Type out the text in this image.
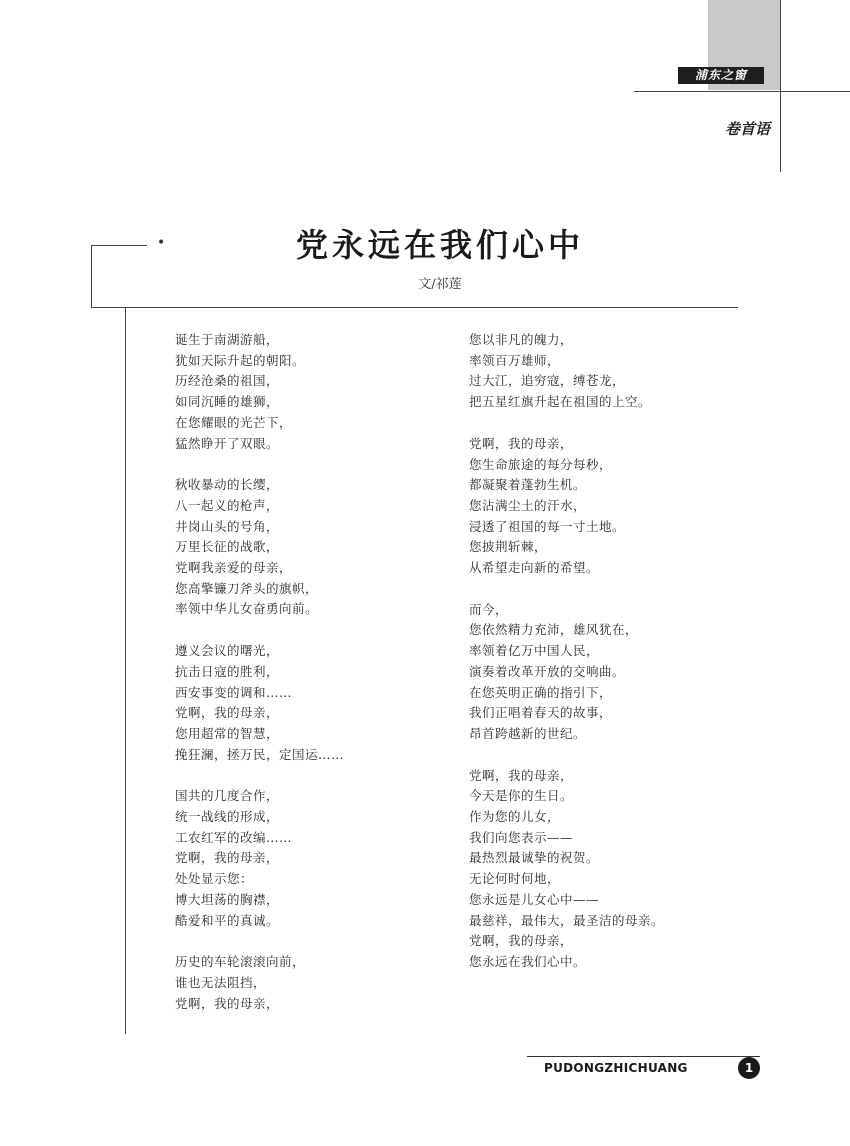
浦东之窗
卷首语
•	党永远在我们心中
文/祁莲
诞生于南湖游船，
犹如天际升起的朝阳。
历经沧桑的祖国，
如同沉睡的雄狮，
在您耀眼的光芒下，
猛然睁开了双眼。
秋收暴动的长缨，
八一起义的枪声，
井岗山头的号角，
万里长征的战歌，
党啊我亲爱的母亲，
您高擎镰刀斧头的旗帜，
率领中华儿女奋勇向前。
遵义会议的曙光，
抗击日寇的胜利，
西安事变的调和……
党啊，我的母亲，
您用超常的智慧，
挽狂澜，拯万民，定国运……
国共的几度合作，
统一战线的形成，
工农红军的改编……
党啊，我的母亲，
处处显示您：
博大坦荡的胸襟，
酷爱和平的真诚。
历史的车轮滚滚向前，
谁也无法阻挡，
党啊，我的母亲，
您以非凡的魄力，
率领百万雄师，
过大江，追穷寇，缚苍龙，
把五星红旗升起在祖国的上空。
党啊，我的母亲，
您生命旅途的每分每秒，
都凝聚着蓬勃生机。
您沾满尘土的汗水，
浸透了祖国的每一寸土地。
您披荆斩棘，
从希望走向新的希望。
而今，
您依然精力充沛，雄风犹在，
率领着亿万中国人民，
演奏着改革开放的交响曲。
在您英明正确的指引下，
我们正唱着春天的故事，
昂首跨越新的世纪。
党啊，我的母亲，
今天是你的生日。
作为您的儿女，
我们向您表示——
最热烈最诚挚的祝贺。
无论何时何地，
您永远是儿女心中——
最慈祥，最伟大，最圣洁的母亲。
党啊，我的母亲，
您永远在我们心中。
PUDONGZHICHUANG	1
